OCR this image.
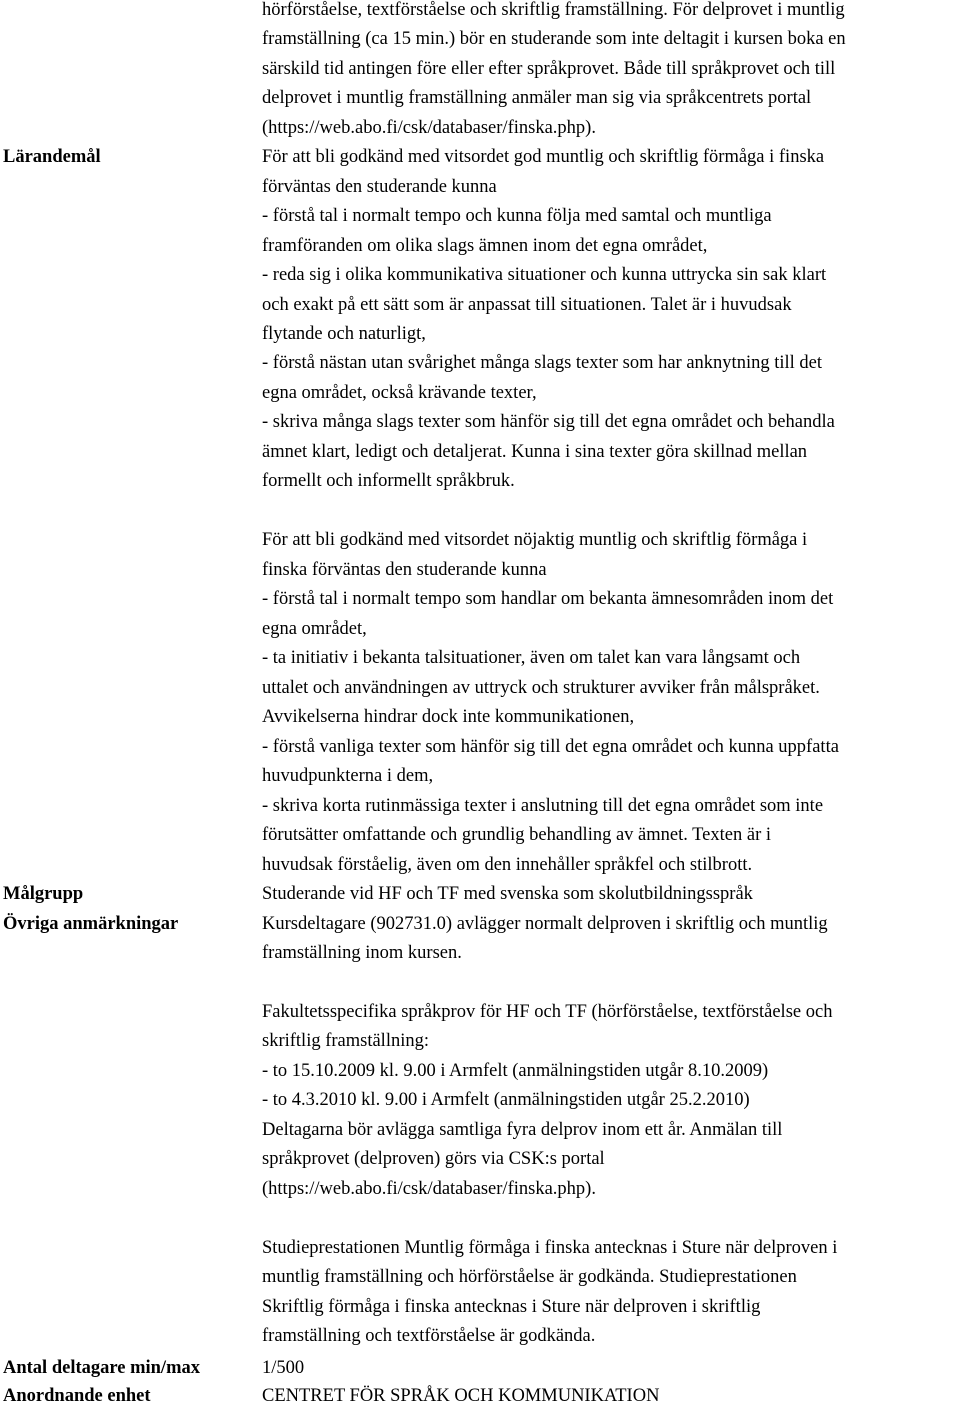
Lärandemål
Målgrupp
Övriga anmärkningar
Antal deltagare min/max
Anordnande enhet
hörförståelse, textförståelse och skriftlig framställning. För delprovet i muntlig
framställning (ca 15 min.) bör en studerande som inte deltagit i kursen boka en
särskild tid antingen före eller efter språkprovet. Både till språkprovet och till
delprovet i muntlig framställning anmäler man sig via språkcentrets portal
(https://web.abo.fi/csk/databaser/finska.php).
För att bli godkänd med vitsordet god muntlig och skriftlig förmåga i finska
förväntas den studerande kunna
- förstå tal i normalt tempo och kunna följa med samtal och muntliga
framföranden om olika slags ämnen inom det egna området,
- reda sig i olika kommunikativa situationer och kunna uttrycka sin sak klart
och exakt på ett sätt som är anpassat till situationen. Talet är i huvudsak
flytande och naturligt,
- förstå nästan utan svårighet många slags texter som har anknytning till det
egna området, också krävande texter,
- skriva många slags texter som hänför sig till det egna området och behandla
ämnet klart, ledigt och detaljerat. Kunna i sina texter göra skillnad mellan
formellt och informellt språkbruk.
För att bli godkänd med vitsordet nöjaktig muntlig och skriftlig förmåga i
finska förväntas den studerande kunna
- förstå tal i normalt tempo som handlar om bekanta ämnesområden inom det
egna området,
- ta initiativ i bekanta talsituationer, även om talet kan vara långsamt och
uttalet och användningen av uttryck och strukturer avviker från målspråket.
Avvikelserna hindrar dock inte kommunikationen,
- förstå vanliga texter som hänför sig till det egna området och kunna uppfatta
huvudpunkterna i dem,
- skriva korta rutinmässiga texter i anslutning till det egna området som inte
förutsätter omfattande och grundlig behandling av ämnet. Texten är i
huvudsak förståelig, även om den innehåller språkfel och stilbrott.
Studerande vid HF och TF med svenska som skolutbildningsspråk
Kursdeltagare (902731.0) avlägger normalt delproven i skriftlig och muntlig
framställning inom kursen.
Fakultetsspecifika språkprov för HF och TF (hörförståelse, textförståelse och
skriftlig framställning:
- to 15.10.2009 kl. 9.00 i Armfelt (anmälningstiden utgår 8.10.2009)
- to 4.3.2010 kl. 9.00 i Armfelt (anmälningstiden utgår 25.2.2010)
Deltagarna bör avlägga samtliga fyra delprov inom ett år. Anmälan till
språkprovet (delproven) görs via CSK:s portal
(https://web.abo.fi/csk/databaser/finska.php).
Studieprestationen Muntlig förmåga i finska antecknas i Sture när delproven i
muntlig framställning och hörförståelse är godkända. Studieprestationen
Skriftlig förmåga i finska antecknas i Sture när delproven i skriftlig
framställning och textförståelse är godkända.
1/500
CENTRET FÖR SPRÅK OCH KOMMUNIKATION
